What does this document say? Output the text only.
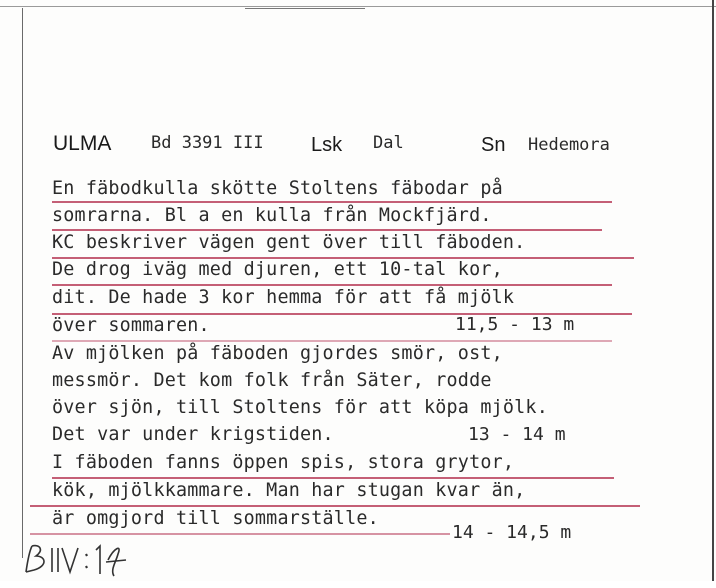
ULMA Bd 3391 III Lsk Dal	Sn Hedemora
En fäbodkulla skötte Stoltens fäbodar på
somrarna. Bl a en kulla från Mockfjärd.
KC beskriver vägen gent över till fäboden.
De drog iväg med djuren, ett 10-tal kor,
dit. De hade 3 kor hemma för att få mjölk
över sommaren.	11,5 - 13 m
Av mjölken på fäboden gjordes smör, ost,
messmör. Det kom folk från Säter, rodde
över sjön, till Stoltens för att köpa mjölk.
Det var under krigstiden.	13 - 14 m
I fäboden fanns öppen spis, stora grytor,
kök, mjölkkammare. Man har stugan kvar än,
är omgjord till sommarställe.
14 - 14,5 m
